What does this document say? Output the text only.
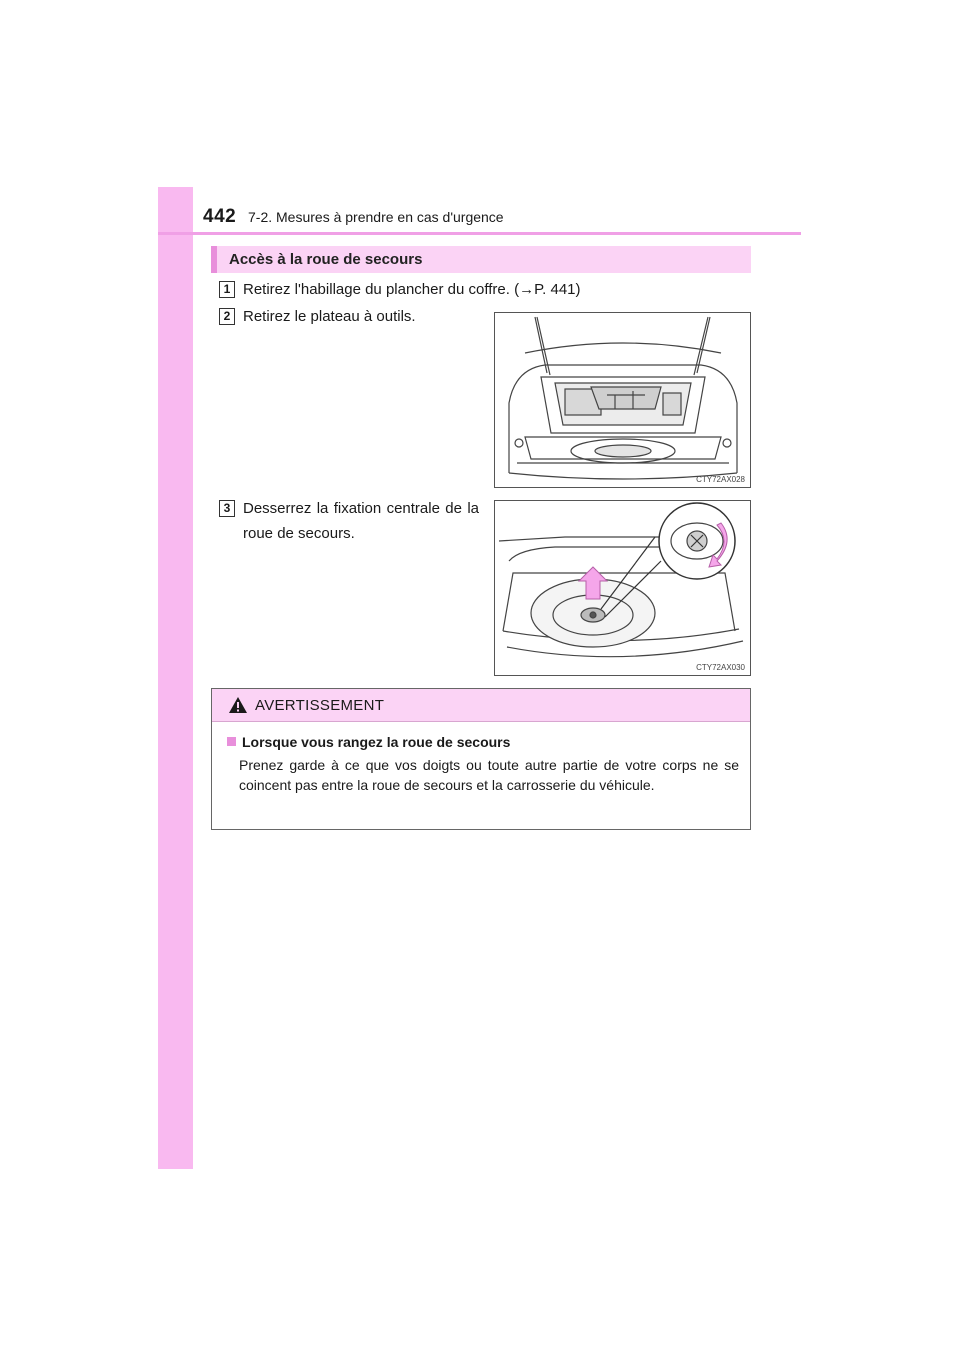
442 7-2. Mesures à prendre en cas d'urgence
Accès à la roue de secours
1 Retirez l'habillage du plancher du coffre. (→P. 441)
2 Retirez le plateau à outils.
3 Desserrez la fixation centrale de la roue de secours.
CTY72AX028
CTY72AX030
AVERTISSEMENT
Lorsque vous rangez la roue de secours
Prenez garde à ce que vos doigts ou toute autre partie de votre corps ne se coincent pas entre la roue de secours et la carrosserie du véhicule.
